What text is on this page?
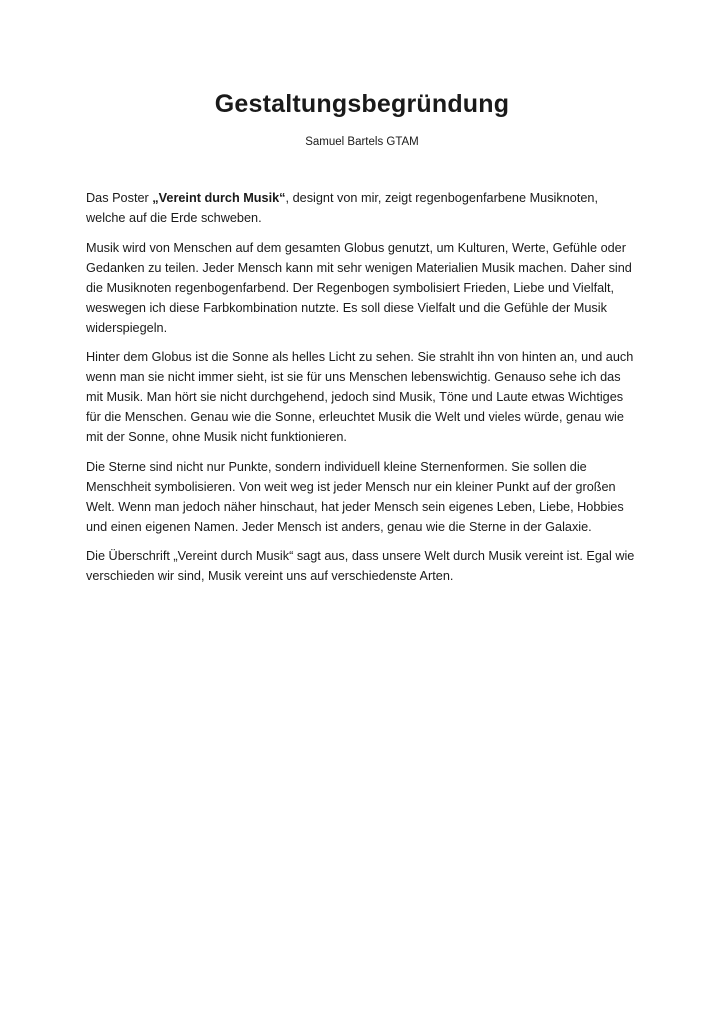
Gestaltungsbegründung
Samuel Bartels GTAM

Das Poster „Vereint durch Musik“, designt von mir, zeigt regenbogenfarbene Musiknoten, welche auf die Erde schweben.

Musik wird von Menschen auf dem gesamten Globus genutzt, um Kulturen, Werte, Gefühle oder Gedanken zu teilen. Jeder Mensch kann mit sehr wenigen Materialien Musik machen. Daher sind die Musiknoten regenbogenfarbend. Der Regenbogen symbolisiert Frieden, Liebe und Vielfalt, weswegen ich diese Farbkombination nutzte. Es soll diese Vielfalt und die Gefühle der Musik widerspiegeln.

Hinter dem Globus ist die Sonne als helles Licht zu sehen. Sie strahlt ihn von hinten an, und auch wenn man sie nicht immer sieht, ist sie für uns Menschen lebenswichtig. Genauso sehe ich das mit Musik. Man hört sie nicht durchgehend, jedoch sind Musik, Töne und Laute etwas Wichtiges für die Menschen. Genau wie die Sonne, erleuchtet Musik die Welt und vieles würde, genau wie mit der Sonne, ohne Musik nicht funktionieren.

Die Sterne sind nicht nur Punkte, sondern individuell kleine Sternenformen. Sie sollen die Menschheit symbolisieren. Von weit weg ist jeder Mensch nur ein kleiner Punkt auf der großen Welt. Wenn man jedoch näher hinschaut, hat jeder Mensch sein eigenes Leben, Liebe, Hobbies und einen eigenen Namen. Jeder Mensch ist anders, genau wie die Sterne in der Galaxie.

Die Überschrift „Vereint durch Musik“ sagt aus, dass unsere Welt durch Musik vereint ist. Egal wie verschieden wir sind, Musik vereint uns auf verschiedenste Arten.
